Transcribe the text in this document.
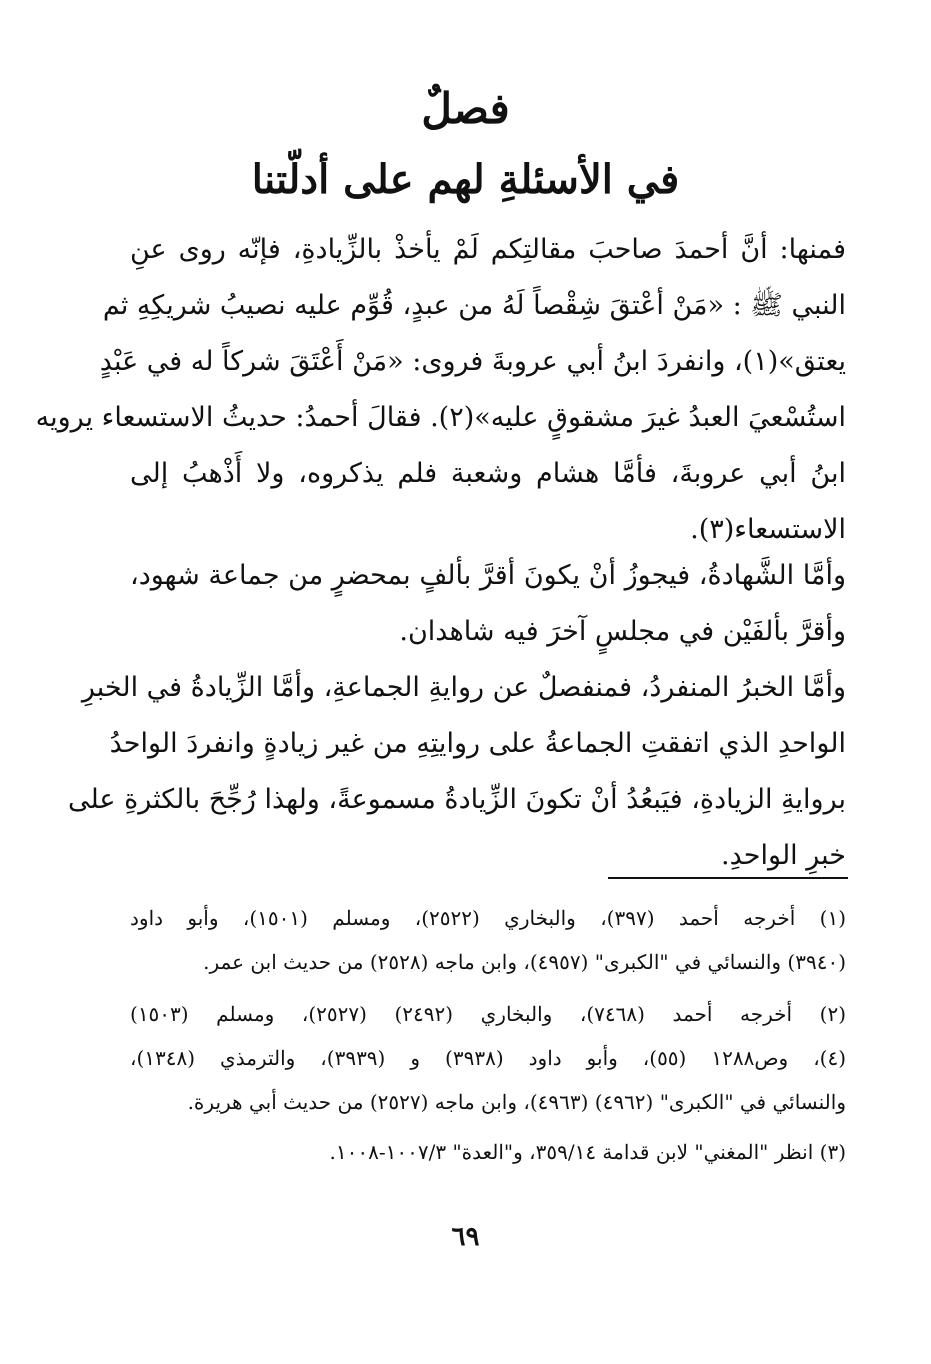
فصلٌ
في الأسئلةِ لهم على أدلّتنا
فمنها: أنَّ أحمدَ صاحبَ مقالتِكم لَمْ يأخذْ بالزِّيادةِ، فإنّه روى عنِ
النبي ﷺ : «مَنْ أعْتقَ شِقْصاً لَهُ من عبدٍ، قُوِّم عليه نصيبُ شريكِهِ ثم
يعتق»(١)، وانفردَ ابنُ أبي عروبةَ فروى: «مَنْ أَعْتَقَ شركاً له في عَبْدٍ
استُسْعيَ العبدُ غيرَ مشقوقٍ عليه»(٢). فقالَ أحمدُ: حديثُ الاستسعاء يرويه
ابنُ أبي عروبةَ، فأمَّا هشام وشعبة فلم يذكروه، ولا أَذْهبُ إلى
الاستسعاء(٣).
وأمَّا الشَّهادةُ، فيجوزُ أنْ يكونَ أقرَّ بألفٍ بمحضرٍ من جماعة شهود،
وأقرَّ بألفَيْن في مجلسٍ آخرَ فيه شاهدان.
وأمَّا الخبرُ المنفردُ، فمنفصلٌ عن روايةِ الجماعةِ، وأمَّا الزِّيادةُ في الخبرِ
الواحدِ الذي اتفقتِ الجماعةُ على روايتِهِ من غير زيادةٍ وانفردَ الواحدُ
بروايةِ الزيادةِ، فيَبعُدُ أنْ تكونَ الزِّيادةُ مسموعةً، ولهذا رُجِّحَ بالكثرةِ على
خبرِ الواحدِ.
(١) أخرجه أحمد (٣٩٧)، والبخاري (٢٥٢٢)، ومسلم (١٥٠١)، وأبو داود
(٣٩٤٠) والنسائي في "الكبرى" (٤٩٥٧)، وابن ماجه (٢٥٢٨) من حديث ابن عمر.
(٢) أخرجه أحمد (٧٤٦٨)، والبخاري (٢٤٩٢) (٢٥٢٧)، ومسلم (١٥٠٣)
(٤)، وص١٢٨٨ (٥٥)، وأبو داود (٣٩٣٨) و (٣٩٣٩)، والترمذي (١٣٤٨)،
والنسائي في "الكبرى" (٤٩٦٢) (٤٩٦٣)، وابن ماجه (٢٥٢٧) من حديث أبي هريرة.
(٣) انظر "المغني" لابن قدامة ٣٥٩/١٤، و"العدة" ١٠٠٧/٣-١٠٠٨.
٦٩
